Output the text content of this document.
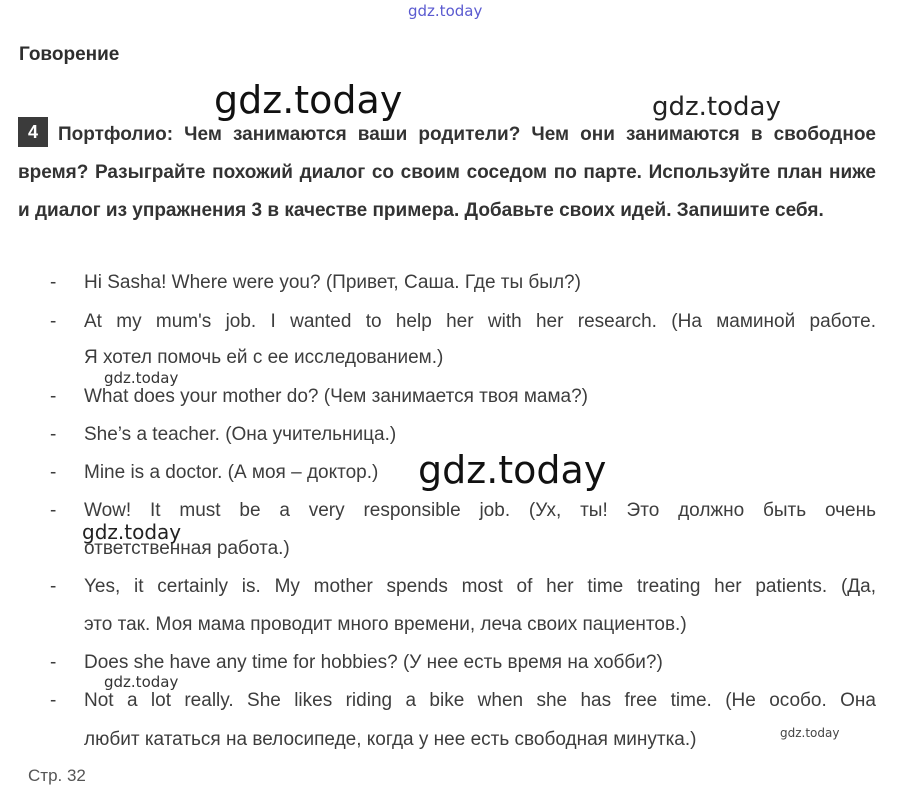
gdz.today
Говорение
gdz.today	gdz.today
4 Портфолио: Чем занимаются ваши родители? Чем они занимаются в свободное время? Разыграйте похожий диалог со своим соседом по парте. Используйте план ниже и диалог из упражнения 3 в качестве примера. Добавьте своих идей. Запишите себя.
- Hi Sasha! Where were you? (Привет, Саша. Где ты был?)
- At my mum's job. I wanted to help her with her research. (На маминой работе.
Я хотел помочь ей с ее исследованием.)
gdz.today
- What does your mother do? (Чем занимается твоя мама?)
- She’s a teacher. (Она учительница.)
- Mine is a doctor. (А моя – доктор.)	gdz.today
- Wow! It must be a very responsible job. (Ух, ты! Это должно быть очень
ответственная работа.)
gdz.today
- Yes, it certainly is. My mother spends most of her time treating her patients. (Да,
это так. Моя мама проводит много времени, леча своих пациентов.)
- Does she have any time for hobbies? (У нее есть время на хобби?)
gdz.today
- Not a lot really. She likes riding a bike when she has free time. (Не особо. Она
любит кататься на велосипеде, когда у нее есть свободная минутка.)	gdz.today
Стр. 32
